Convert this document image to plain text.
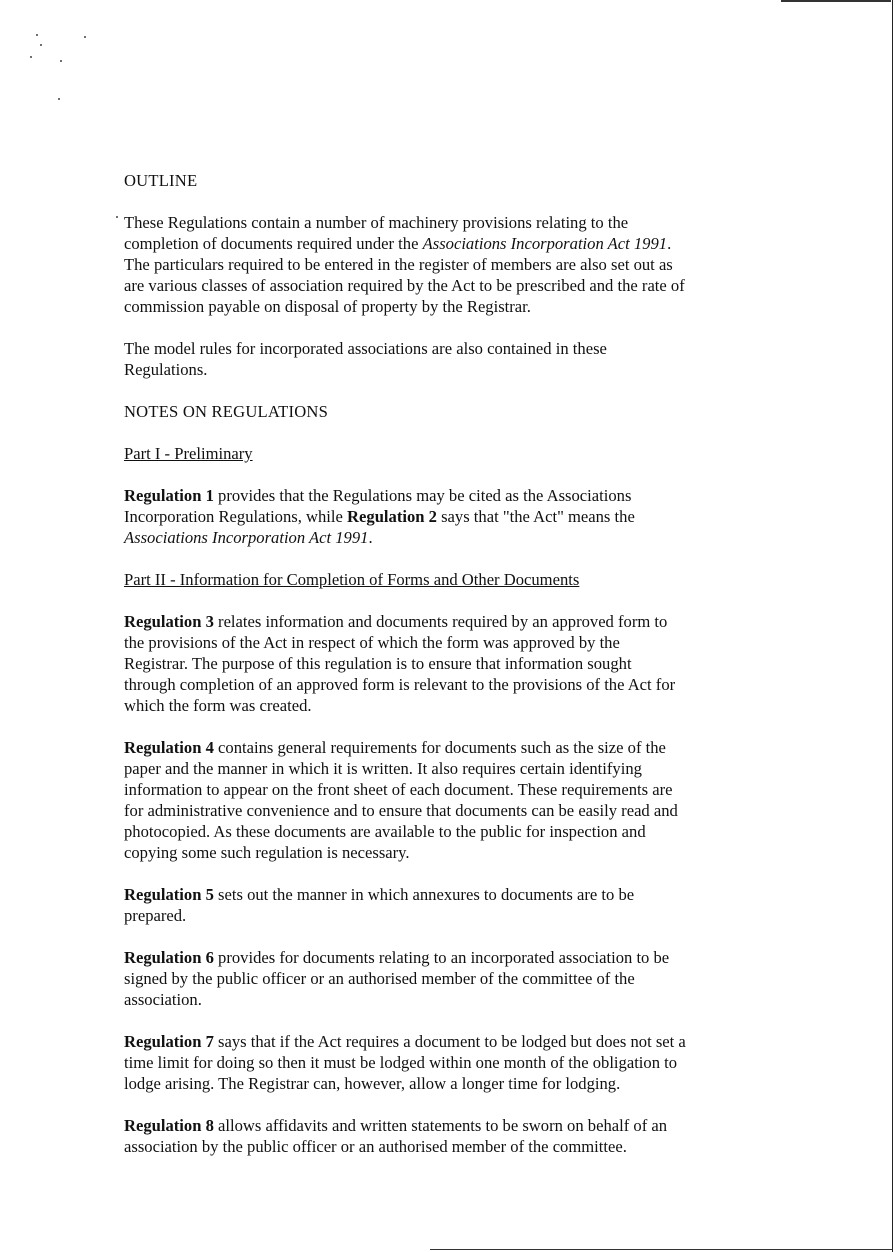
OUTLINE

These Regulations contain a number of machinery provisions relating to the
completion of documents required under the Associations Incorporation Act 1991.
The particulars required to be entered in the register of members are also set out as
are various classes of association required by the Act to be prescribed and the rate of
commission payable on disposal of property by the Registrar.

The model rules for incorporated associations are also contained in these
Regulations.

NOTES ON REGULATIONS
Part I - Preliminary

Regulation 1 provides that the Regulations may be cited as the Associations
Incorporation Regulations, while Regulation 2 says that "the Act" means the
Associations Incorporation Act 1991.

Part II - Information for Completion of Forms and Other Documents

Regulation 3 relates information and documents required by an approved form to
the provisions of the Act in respect of which the form was approved by the
Registrar. The purpose of this regulation is to ensure that information sought
through completion of an approved form is relevant to the provisions of the Act for
which the form was created.

Regulation 4 contains general requirements for documents such as the size of the
paper and the manner in which it is written. It also requires certain identifying
information to appear on the front sheet of each document. These requirements are
for administrative convenience and to ensure that documents can be easily read and
photocopied. As these documents are available to the public for inspection and
copying some such regulation is necessary.

Regulation 5 sets out the manner in which annexures to documents are to be
prepared.

Regulation 6 provides for documents relating to an incorporated association to be
signed by the public officer or an authorised member of the committee of the
association.

Regulation 7 says that if the Act requires a document to be lodged but does not set a
time limit for doing so then it must be lodged within one month of the obligation to
lodge arising. The Registrar can, however, allow a longer time for lodging.

Regulation 8 allows affidavits and written statements to be sworn on behalf of an
association by the public officer or an authorised member of the committee.
